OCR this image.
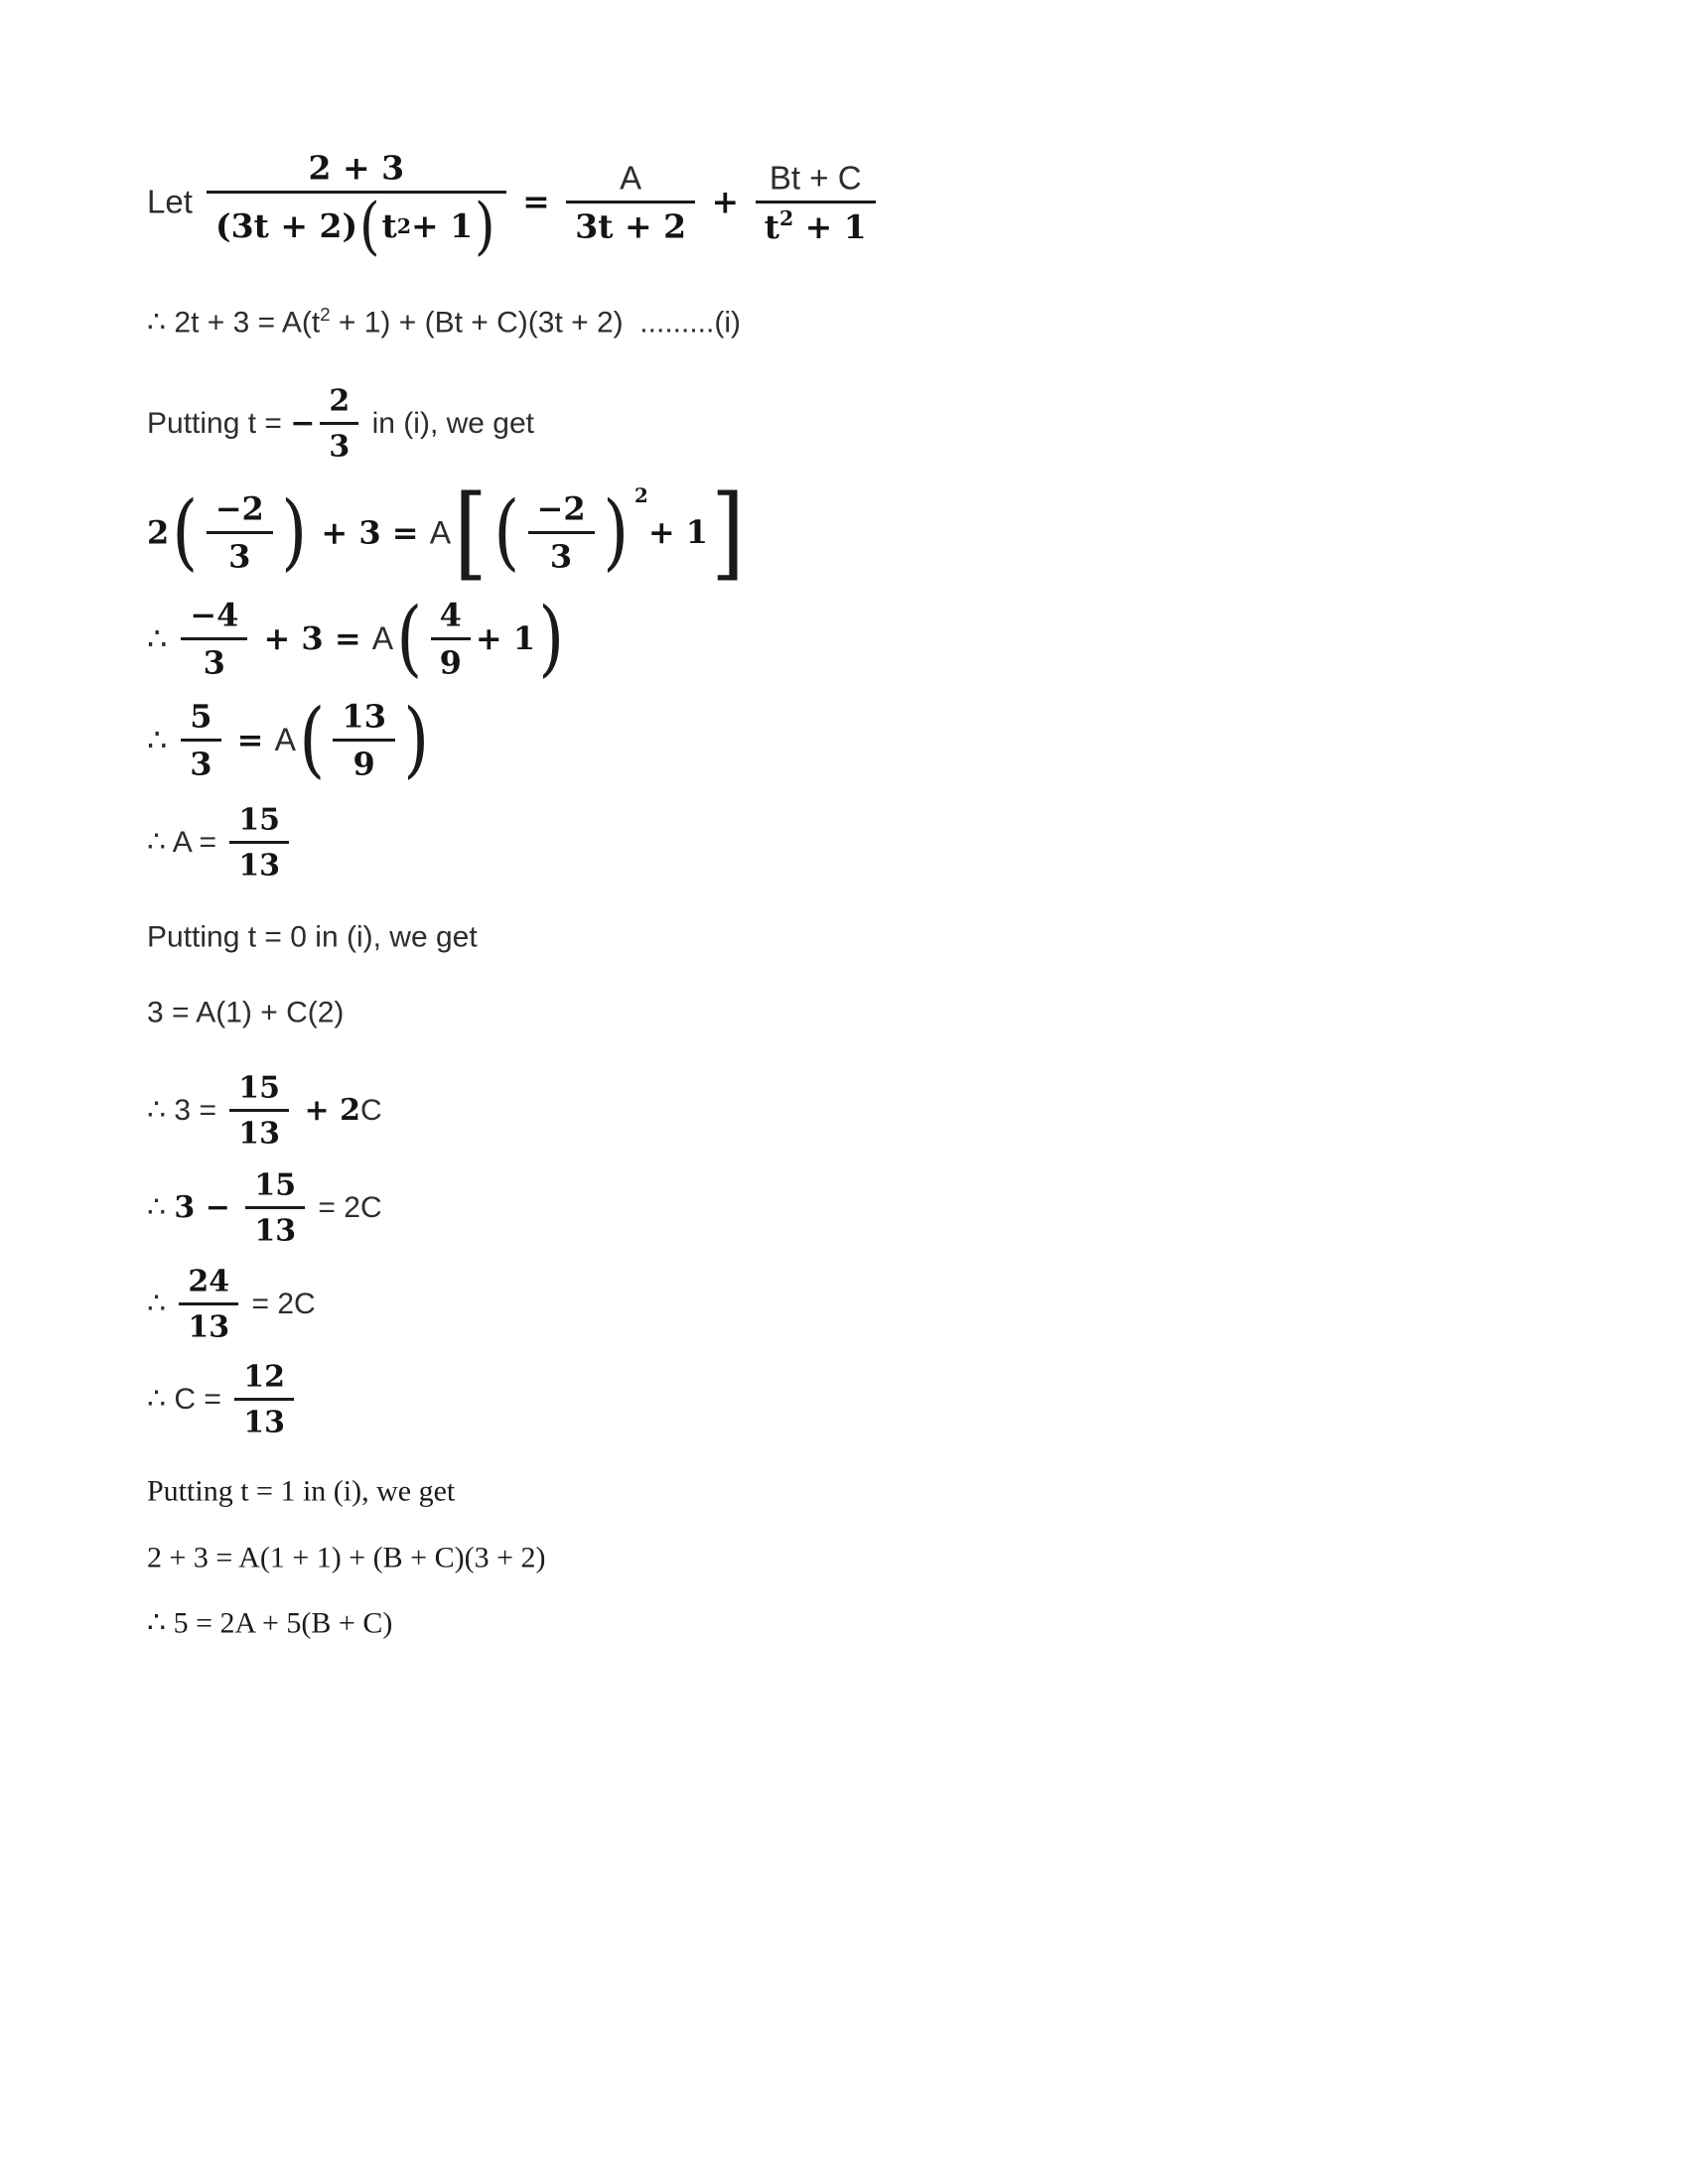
Let $\frac{2 + 3}{(3t + 2) ( t 2 + 1 )} = \frac{A}{3t + 2} + \frac{Bt + C}{t^2 + 1}$
∴ $2t + 3 = A(t^2 + 1) + (Bt + C)(3t + 2)$  .........(i)
Putting t = − $\frac{2}{3}$ in (i), we get
2 ( $\frac{-2}{3}$ ) + 3 = A [ ( $\frac{-2}{3}$ ) 2
+ 1 ]
∴ $\frac{-4}{3} + 3 = A$ ( $\frac{4}{9} + 1$ )
∴ $\frac{5}{3} = A$ ( $\frac{13}{9}$ )
∴ $A = \frac{15}{13}$
Putting t = 0 in (i), we get
3 = A(1) + C(2)
∴ $3 = \frac{15}{13} + 2C$
∴ $3 - \frac{15}{13} = 2C$
∴ $\frac{24}{13} = 2C$
∴ $C = \frac{12}{13}$
Putting t = 1 in (i), we get
2 + 3 = A(1 + 1) + (B + C)(3 + 2)
∴ 5 = 2A + 5(B + C)
